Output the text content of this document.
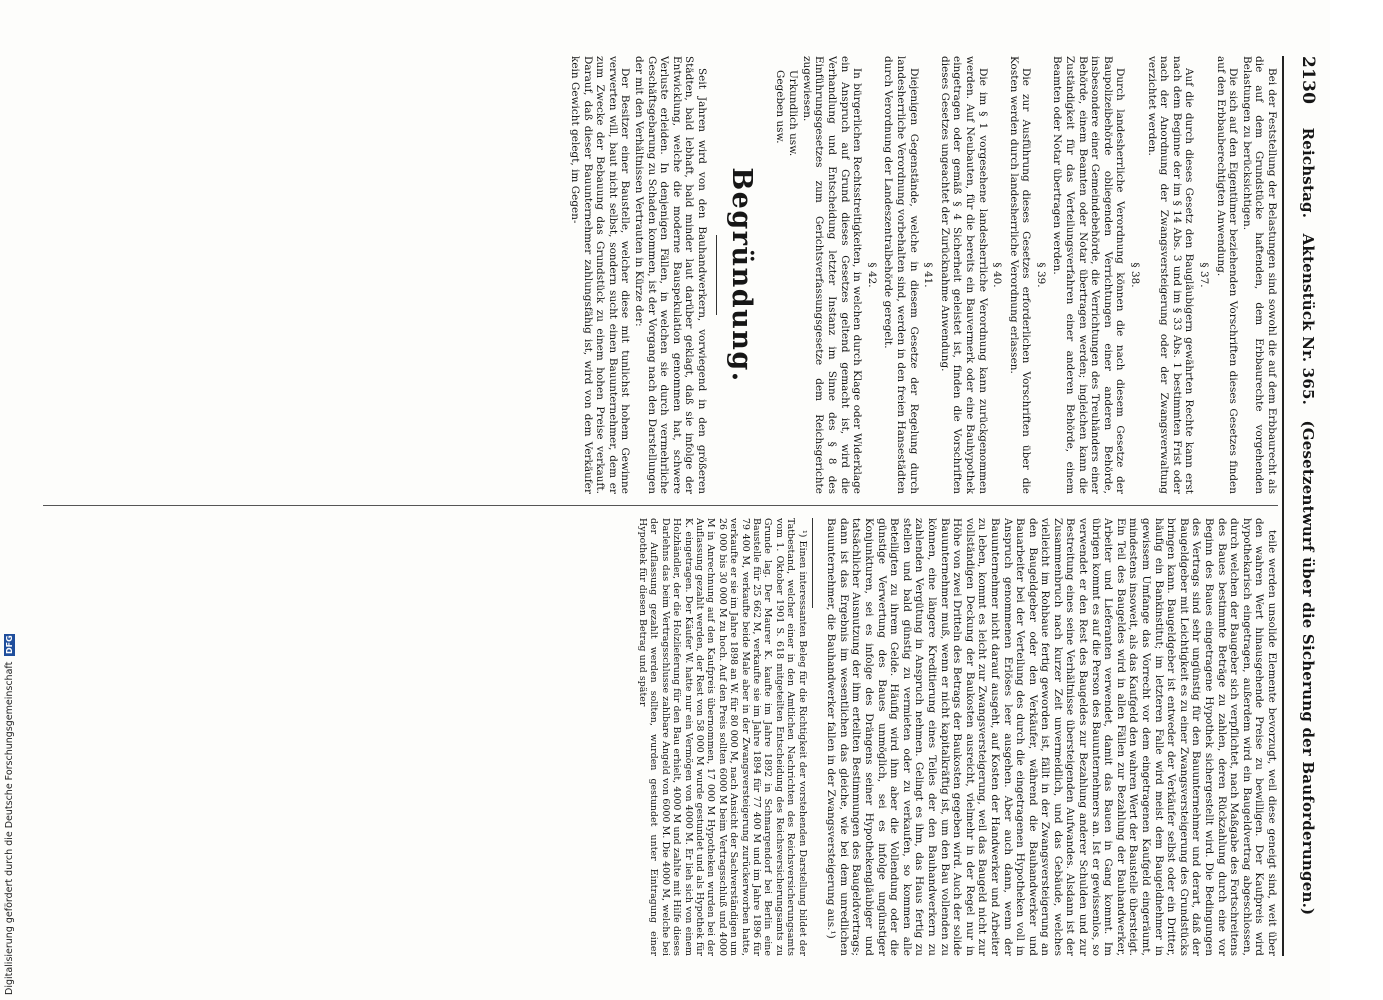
2130 Reichstag. Aktenstück Nr. 365. (Gesetzentwurf über die Sicherung der Bauforderungen.)

Bei der Feststellung der Belastungen sind sowohl die auf dem Erbbaurecht als die auf dem Grundstücke haftenden, dem Erbbaurechte vorgehenden Belastungen zu berücksichtigen.

Die sich auf den Eigentümer beziehenden Vorschriften dieses Gesetzes finden auf den Erbbauberechtigten Anwendung.

§ 37.

Auf die durch dieses Gesetz den Baugläubigern gewährten Rechte kann erst nach dem Beginne der im § 14 Abs. 3 und im § 33 Abs. 1 bestimmten Frist oder nach der Anordnung der Zwangsversteigerung oder der Zwangsverwaltung verzichtet werden.

§ 38.

Durch landesherrliche Verordnung können die nach diesem Gesetze der Baupolizeibehörde obliegenden Verrichtungen einer anderen Behörde, insbesondere einer Gemeindebehörde, die Verrichtungen des Treuhänders einer Behörde, einem Beamten oder Notar übertragen werden; ingleichen kann die Zuständigkeit für das Verteilungsverfahren einer anderen Behörde, einem Beamten oder Notar übertragen werden.

§ 39.

Die zur Ausführung dieses Gesetzes erforderlichen Vorschriften über die Kosten werden durch landesherrliche Verordnung erlassen.

§ 40.

Die im § 1 vorgesehene landesherrliche Verordnung kann zurückgenommen werden. Auf Neubauten, für die bereits ein Bauvermerk oder eine Bauhypothek eingetragen oder gemäß § 4 Sicherheit geleistet ist, finden die Vorschriften dieses Gesetzes ungeachtet der Zurücknahme Anwendung.

§ 41.

Diejenigen Gegenstände, welche in diesem Gesetze der Regelung durch landesherrliche Verordnung vorbehalten sind, werden in den freien Hansestädten durch Verordnung der Landeszentralbehörde geregelt.

§ 42.

In bürgerlichen Rechtsstreitigkeiten, in welchen durch Klage oder Widerklage ein Anspruch auf Grund dieses Gesetzes geltend gemacht ist, wird die Verhandlung und Entscheidung letzter Instanz im Sinne des § 8 des Einführungsgesetzes zum Gerichtsverfassungsgesetze dem Reichsgerichte zugewiesen.

Urkundlich usw.

Gegeben usw.

Begründung.

Seit Jahren wird von den Bauhandwerkern, vorwiegend in den größeren Städten, bald lebhaft, bald minder laut darüber geklagt, daß sie infolge der Entwicklung, welche die moderne Bauspekulation genommen hat, schwere Verluste erleiden. In denjenigen Fällen, in welchen sie durch vermehrliche Geschäftsgebarung zu Schaden kommen, ist der Vorgang nach den Darstellungen der mit den Verhältnissen Vertrauten in Kürze der:

Der Besitzer einer Baustelle, welcher diese mit tunlichst hohem Gewinne verwerten will, baut nicht selbst, sondern sucht einen Bauunternehmer, dem er zum Zwecke der Bebauung das Grundstück zu einem hohen Preise verkauft. Darauf, daß dieser Bauunternehmer zahlungsfähig ist, wird von dem Verkäufer kein Gewicht gelegt, im Gegen-

teile werden unsolide Elemente bevorzugt, weil diese geneigt sind, weit über den wahren Wert hinausgehende Preise zu bewilligen. Der Kaufpreis wird hypothekarisch eingetragen, außerdem wird ein Baugeldvertrag abgeschlossen, durch welchen der Baugeber sich verpflichtet, nach Maßgabe des Fortschreitens des Baues bestimmte Beträge zu zahlen, deren Rückzahlung durch eine vor Beginn des Baues eingetragene Hypothek sichergestellt wird. Die Bedingungen des Vertrags sind sehr ungünstig für den Bauunternehmer und derart, daß der Baugeldgeber mit Leichtigkeit es zu einer Zwangsversteigerung des Grundstücks bringen kann. Baugeldgeber ist entweder der Verkäufer selbst oder ein Dritter, häufig ein Bankinstitut; im letzteren Falle wird meist dem Baugeldnehmer in gewissem Umfange das Vorrecht vor dem eingetragenen Kaufgeld eingeräumt, mindestens insoweit, als das Kaufgeld den wahren Wert der Baustelle übersteigt. Ein Teil des Baugeldes wird in allen Fällen zur Bezahlung der Bauhandwerker, Arbeiter und Lieferanten verwendet, damit das Bauen in Gang kommt. Im übrigen kommt es auf die Person des Bauunternehmers an. Ist er gewissenlos, so verwendet er den Rest des Baugeldes zur Bezahlung anderer Schulden und zur Bestreitung eines seine Verhältnisse übersteigenden Aufwandes. Alsdann ist der Zusammenbruch nach kurzer Zeit unvermeidlich, und das Gebäude, welches vielleicht im Rohbaue fertig geworden ist, fällt in der Zwangsversteigerung an den Baugeldgeber oder den Verkäufer, während die Bauhandwerker und Bauarbeiter bei der Verteilung des durch die eingetragenen Hypotheken voll in Anspruch genommenen Erlöses leer ausgehen. Aber auch dann, wenn der Bauunternehmer nicht darauf ausgeht, auf Kosten der Handwerker und Arbeiter zu leben, kommt es leicht zur Zwangsversteigerung, weil das Baugeld nicht zur vollständigen Deckung der Baukosten ausreicht, vielmehr in der Regel nur in Höhe von zwei Dritteln des Betrags der Baukosten gegeben wird. Auch der solide Bauunternehmer muß, wenn er nicht kapitalkräftig ist, um den Bau vollenden zu können, eine längere Kreditierung eines Teiles der den Bauhandwerkern zu zahlenden Vergütung in Anspruch nehmen. Gelingt es ihm, das Haus fertig zu stellen und bald günstig zu vermieten oder zu verkaufen, so kommen alle Beteiligten zu ihrem Gelde. Häufig wird ihm aber die Vollendung oder die günstige Verwertung des Baues unmöglich, sei es infolge ungünstiger Konjunkturen, sei es infolge des Drängens seiner Hypothekengläubiger und tatsächlicher Ausnutzung der ihm erteilten Bestimmungen des Baugeldvertrags; dann ist das Ergebnis im wesentlichen das gleiche, wie bei dem unredlichen Bauunternehmer, die Bauhandwerker fallen in der Zwangsversteigerung aus.¹)

¹) Einen interessanten Beleg für die Richtigkeit der vorstehenden Darstellung bildet der Tatbestand, welcher einer in den Amtlichen Nachrichten des Reichsversicherungsamts vom 1. Oktober 1901 S. 618 mitgeteilten Entscheidung des Reichsversicherungsamts zu Grunde lag. Der Maurer K. kaufte im Jahre 1892 in Schmargendorf bei Berlin eine Baustelle für 25 662 M, verkaufte sie im Jahre 1894 für 77 400 M und im Jahre 1896 für 79 400 M, verkaufte beide Male aber in der Zwangsversteigerung zurückerworben hatte, verkaufte er sie im Jahre 1898 an W. für 80 000 M, nach Ansicht der Sachverständigen um 26 000 bis 30 000 M zu hoch. Auf den Preis sollten 6000 M beim Vertragsschluß und 4000 M in Anrechnung auf den Kaufpreis übernommen, 17 000 M Hypotheken wurden bei der Auflassung gezahlt werden, der Rest von 58 000 M wurde gestundet und als Hypothek für K. eingetragen. Der Käufer W. hatte nur ein Vermögen von 4000 M. Er lieh sich von einem Holzhändler, der die Holzlieferung für den Bau erhielt, 4000 M und zahlte mit Hilfe dieses Darlehns das beim Vertragsschlusse zahlbare Angeld von 6000 M. Die 4000 M, welche bei der Auflassung gezahlt werden sollten, wurden gestundet unter Eintragung einer Hypothek für diesen Betrag und später

Digitalisierung gefördert durch die Deutsche Forschungsgemeinschaft
DFG
